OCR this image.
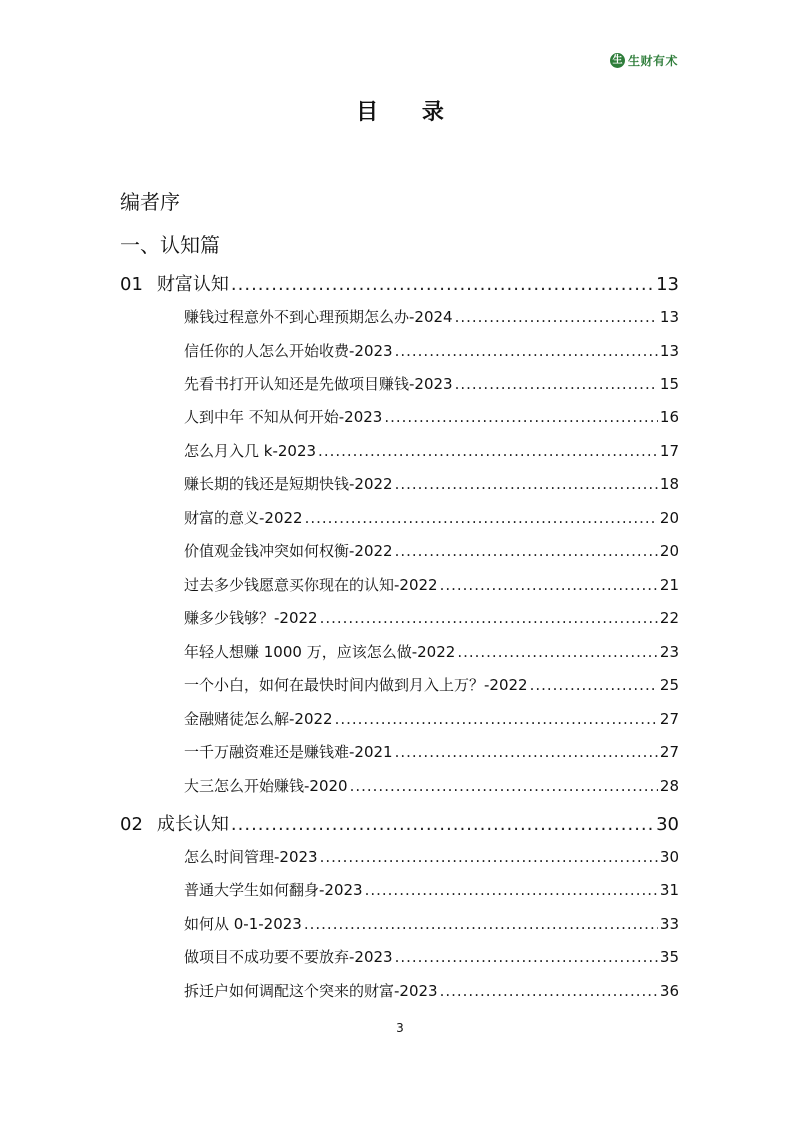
生 生财有术
目 录
编者序
一、认知篇
01 财富认知 .....	13
赚钱过程意外不到心理预期怎么办-2024 .....	13
信任你的人怎么开始收费-2023 .....	13
先看书打开认知还是先做项目赚钱-2023 .....	15
人到中年 不知从何开始-2023 .....	16
怎么月入几 k-2023 .....	17
赚长期的钱还是短期快钱-2022 .....	18
财富的意义-2022 .....	20
价值观金钱冲突如何权衡-2022 .....	20
过去多少钱愿意买你现在的认知-2022 .....	21
赚多少钱够？-2022 .....	22
年轻人想赚 1000 万，应该怎么做-2022 .....	23
一个小白，如何在最快时间内做到月入上万？-2022 .....	25
金融赌徒怎么解-2022 .....	27
一千万融资难还是赚钱难-2021 .....	27
大三怎么开始赚钱-2020 .....	28
02 成长认知 .....	30
怎么时间管理-2023 .....	30
普通大学生如何翻身-2023 .....	31
如何从 0-1-2023 .....	33
做项目不成功要不要放弃-2023 .....	35
拆迁户如何调配这个突来的财富-2023 .....	36
3
